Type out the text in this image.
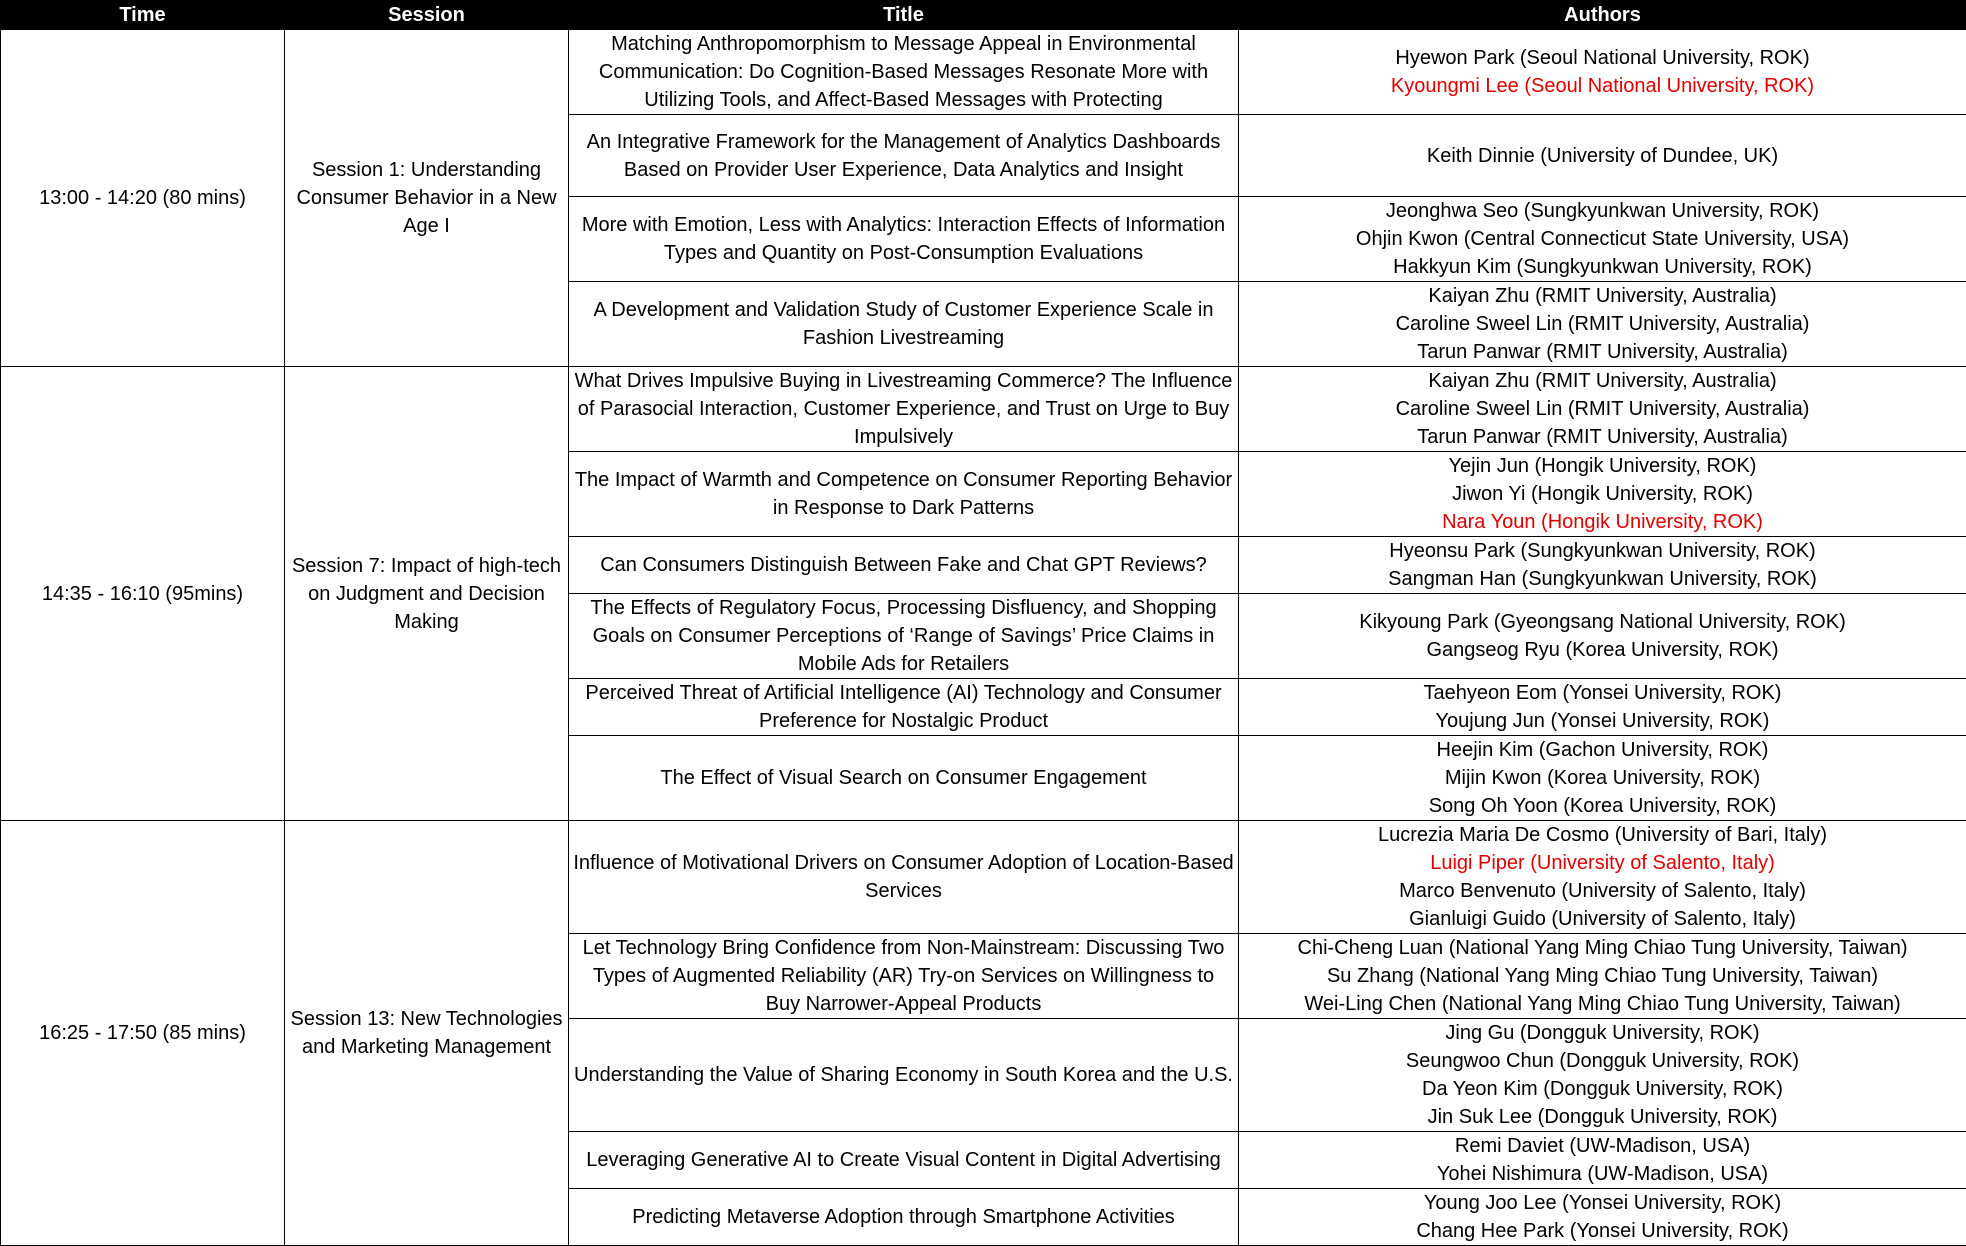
Time	Session	Title	Authors
13:00 - 14:20 (80 mins)	Session 1: Understanding Consumer Behavior in a New Age I	Matching Anthropomorphism to Message Appeal in Environmental Communication: Do Cognition-Based Messages Resonate More with Utilizing Tools, and Affect-Based Messages with Protecting	Hyewon Park (Seoul National University, ROK)
Kyoungmi Lee (Seoul National University, ROK)

		An Integrative Framework for the Management of Analytics Dashboards Based on Provider User Experience, Data Analytics and Insight	Keith Dinnie (University of Dundee, UK)

		More with Emotion, Less with Analytics: Interaction Effects of Information Types and Quantity on Post-Consumption Evaluations	Jeonghwa Seo (Sungkyunkwan University, ROK)
Ohjin Kwon (Central Connecticut State University, USA)
Hakkyun Kim (Sungkyunkwan University, ROK)

		A Development and Validation Study of Customer Experience Scale in Fashion Livestreaming	Kaiyan Zhu (RMIT University, Australia)
Caroline Sweel Lin (RMIT University, Australia)
Tarun Panwar (RMIT University, Australia)

14:35 - 16:10 (95mins)	Session 7: Impact of high-tech on Judgment and Decision Making	What Drives Impulsive Buying in Livestreaming Commerce? The Influence of Parasocial Interaction, Customer Experience, and Trust on Urge to Buy Impulsively	Kaiyan Zhu (RMIT University, Australia)
Caroline Sweel Lin (RMIT University, Australia)
Tarun Panwar (RMIT University, Australia)

		The Impact of Warmth and Competence on Consumer Reporting Behavior in Response to Dark Patterns	Yejin Jun (Hongik University, ROK)
Jiwon Yi (Hongik University, ROK)
Nara Youn (Hongik University, ROK)

		Can Consumers Distinguish Between Fake and Chat GPT Reviews?	Hyeonsu Park (Sungkyunkwan University, ROK)
Sangman Han (Sungkyunkwan University, ROK)

		The Effects of Regulatory Focus, Processing Disfluency, and Shopping Goals on Consumer Perceptions of ‘Range of Savings’ Price Claims in Mobile Ads for Retailers	Kikyoung Park (Gyeongsang National University, ROK)
Gangseog Ryu (Korea University, ROK)

		Perceived Threat of Artificial Intelligence (AI) Technology and Consumer Preference for Nostalgic Product	Taehyeon Eom (Yonsei University, ROK)
Youjung Jun (Yonsei University, ROK)

		The Effect of Visual Search on Consumer Engagement	Heejin Kim (Gachon University, ROK)
Mijin Kwon (Korea University, ROK)
Song Oh Yoon (Korea University, ROK)

16:25 - 17:50 (85 mins)	Session 13: New Technologies and Marketing Management	Influence of Motivational Drivers on Consumer Adoption of Location-Based Services	Lucrezia Maria De Cosmo (University of Bari, Italy)
Luigi Piper (University of Salento, Italy)
Marco Benvenuto (University of Salento, Italy)
Gianluigi Guido (University of Salento, Italy)

		Let Technology Bring Confidence from Non-Mainstream: Discussing Two Types of Augmented Reliability (AR) Try-on Services on Willingness to Buy Narrower-Appeal Products	Chi-Cheng Luan (National Yang Ming Chiao Tung University, Taiwan)
Su Zhang (National Yang Ming Chiao Tung University, Taiwan)
Wei-Ling Chen (National Yang Ming Chiao Tung University, Taiwan)

		Understanding the Value of Sharing Economy in South Korea and the U.S.	Jing Gu (Dongguk University, ROK)
Seungwoo Chun (Dongguk University, ROK)
Da Yeon Kim (Dongguk University, ROK)
Jin Suk Lee (Dongguk University, ROK)

		Leveraging Generative AI to Create Visual Content in Digital Advertising	Remi Daviet (UW-Madison, USA)
Yohei Nishimura (UW-Madison, USA)

		Predicting Metaverse Adoption through Smartphone Activities	Young Joo Lee (Yonsei University, ROK)
Chang Hee Park (Yonsei University, ROK)
